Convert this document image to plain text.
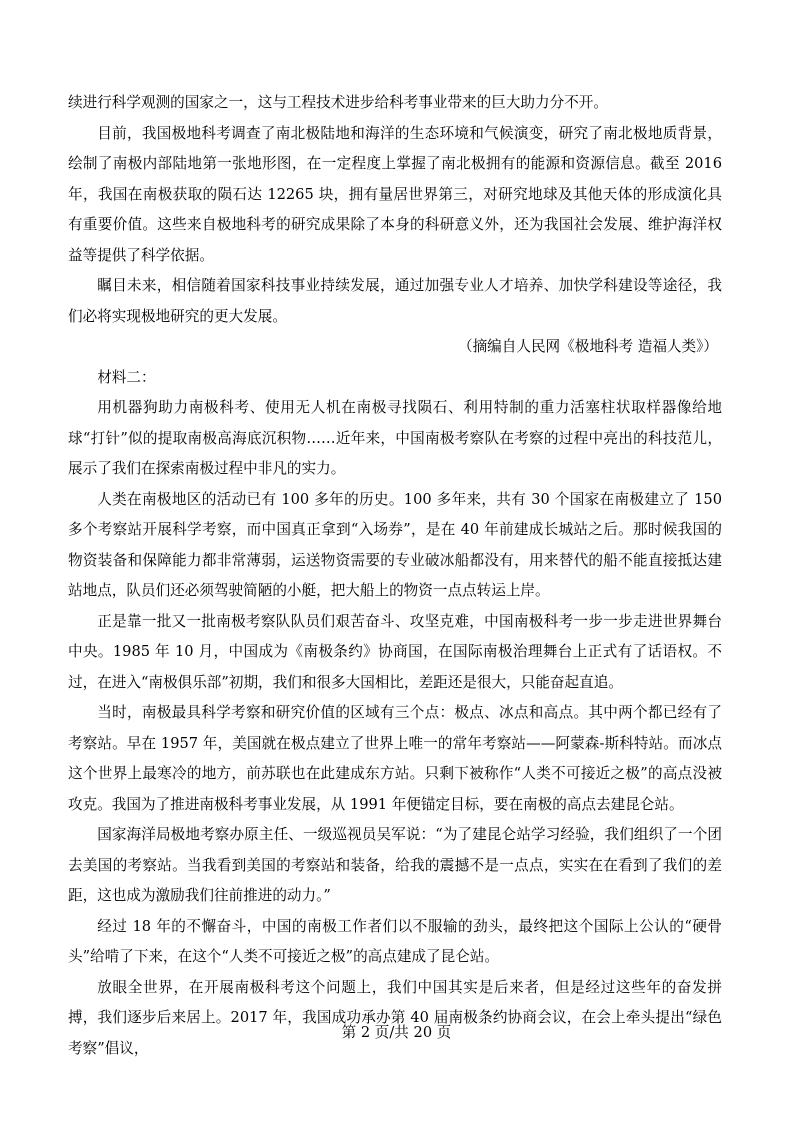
续进行科学观测的国家之一，这与工程技术进步给科考事业带来的巨大助力分不开。

目前，我国极地科考调查了南北极陆地和海洋的生态环境和气候演变，研究了南北极地质背景，绘制了南极内部陆地第一张地形图，在一定程度上掌握了南北极拥有的能源和资源信息。截至 2016 年，我国在南极获取的陨石达 12265 块，拥有量居世界第三，对研究地球及其他天体的形成演化具有重要价值。这些来自极地科考的研究成果除了本身的科研意义外，还为我国社会发展、维护海洋权益等提供了科学依据。

瞩目未来，相信随着国家科技事业持续发展，通过加强专业人才培养、加快学科建设等途径，我们必将实现极地研究的更大发展。

（摘编自人民网《极地科考 造福人类》）

材料二：

用机器狗助力南极科考、使用无人机在南极寻找陨石、利用特制的重力活塞柱状取样器像给地球“打针”似的提取南极高海底沉积物……近年来，中国南极考察队在考察的过程中亮出的科技范儿，展示了我们在探索南极过程中非凡的实力。

人类在南极地区的活动已有 100 多年的历史。100 多年来，共有 30 个国家在南极建立了 150 多个考察站开展科学考察，而中国真正拿到“入场券”，是在 40 年前建成长城站之后。那时候我国的物资装备和保障能力都非常薄弱，运送物资需要的专业破冰船都没有，用来替代的船不能直接抵达建站地点，队员们还必须驾驶简陋的小艇，把大船上的物资一点点转运上岸。

正是靠一批又一批南极考察队队员们艰苦奋斗、攻坚克难，中国南极科考一步一步走进世界舞台中央。1985 年 10 月，中国成为《南极条约》协商国，在国际南极治理舞台上正式有了话语权。不过，在进入“南极俱乐部”初期，我们和很多大国相比，差距还是很大，只能奋起直追。

当时，南极最具科学考察和研究价值的区域有三个点：极点、冰点和高点。其中两个都已经有了考察站。早在 1957 年，美国就在极点建立了世界上唯一的常年考察站——阿蒙森-斯科特站。而冰点这个世界上最寒冷的地方，前苏联也在此建成东方站。只剩下被称作“人类不可接近之极”的高点没被攻克。我国为了推进南极科考事业发展，从 1991 年便锚定目标，要在南极的高点去建昆仑站。

国家海洋局极地考察办原主任、一级巡视员吴军说：“为了建昆仑站学习经验，我们组织了一个团去美国的考察站。当我看到美国的考察站和装备，给我的震撼不是一点点，实实在在看到了我们的差距，这也成为激励我们往前推进的动力。”

经过 18 年的不懈奋斗，中国的南极工作者们以不服输的劲头，最终把这个国际上公认的“硬骨头”给啃了下来，在这个“人类不可接近之极”的高点建成了昆仑站。

放眼全世界，在开展南极科考这个问题上，我们中国其实是后来者，但是经过这些年的奋发拼搏，我们逐步后来居上。2017 年，我国成功承办第 40 届南极条约协商会议，在会上牵头提出“绿色考察”倡议，

第 2 页/共 20 页
